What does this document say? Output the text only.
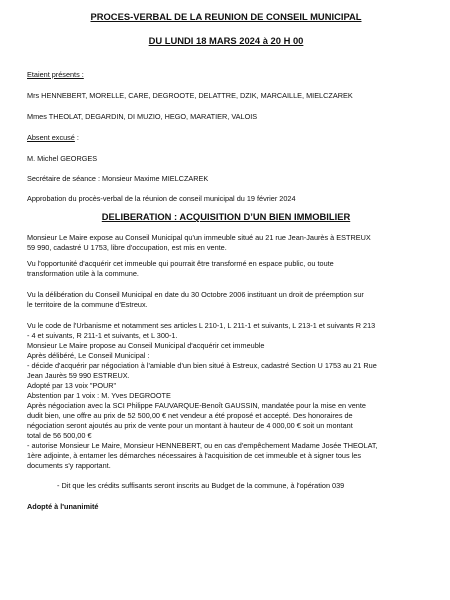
PROCES-VERBAL DE LA REUNION DE CONSEIL MUNICIPAL
DU LUNDI 18 MARS 2024 à 20 H 00
Etaient présents :
Mrs HENNEBERT, MORELLE, CARE, DEGROOTE, DELATTRE, DZIK, MARCAILLE, MIELCZAREK
Mmes THEOLAT, DEGARDIN, DI MUZIO, HEGO, MARATIER, VALOIS
Absent excusé :
M. Michel GEORGES
Secrétaire de séance : Monsieur Maxime MIELCZAREK
Approbation du procès-verbal de la réunion de conseil municipal du 19 février 2024
DELIBERATION : ACQUISITION D’UN BIEN IMMOBILIER
Monsieur Le Maire expose au Conseil Municipal qu'un immeuble situé au 21 rue Jean-Jaurès à ESTREUX
59 990, cadastré U 1753, libre d'occupation, est mis en vente.
Vu l'opportunité d'acquérir cet immeuble qui pourrait être transformé en espace public, ou toute
transformation utile à la commune.
Vu la délibération du Conseil Municipal en date du 30 Octobre 2006 instituant un droit de préemption sur
le territoire de la commune d'Estreux.
Vu le code de l'Urbanisme et notamment ses articles L 210-1, L 211-1 et suivants, L 213-1 et suivants R 213
- 4 et suivants, R 211-1 et suivants, et L 300-1.
Monsieur Le Maire propose au Conseil Municipal d'acquérir cet immeuble
Après délibéré, Le Conseil Municipal :
- décide d'acquérir par négociation à l'amiable d'un bien situé à Estreux, cadastré Section U 1753 au 21 Rue
Jean Jaurès 59 990 ESTREUX.
Adopté par 13 voix "POUR"
Abstention par 1 voix : M. Yves DEGROOTE
Après négociation avec la SCI Philippe FAUVARQUE-Benoît GAUSSIN, mandatée pour la mise en vente
dudit bien, une offre au prix de 52 500,00 € net vendeur a été proposé et accepté. Des honoraires de
négociation seront ajoutés au prix de vente pour un montant à hauteur de 4 000,00 € soit un montant
total de 56 500,00 €
- autorise Monsieur Le Maire, Monsieur HENNEBERT, ou en cas d'empêchement Madame Josée THEOLAT,
1ère adjointe, à entamer les démarches nécessaires à l'acquisition de cet immeuble et à signer tous les
documents s'y rapportant.
- Dit que les crédits suffisants seront inscrits au Budget de la commune, à l'opération 039
Adopté à l'unanimité
